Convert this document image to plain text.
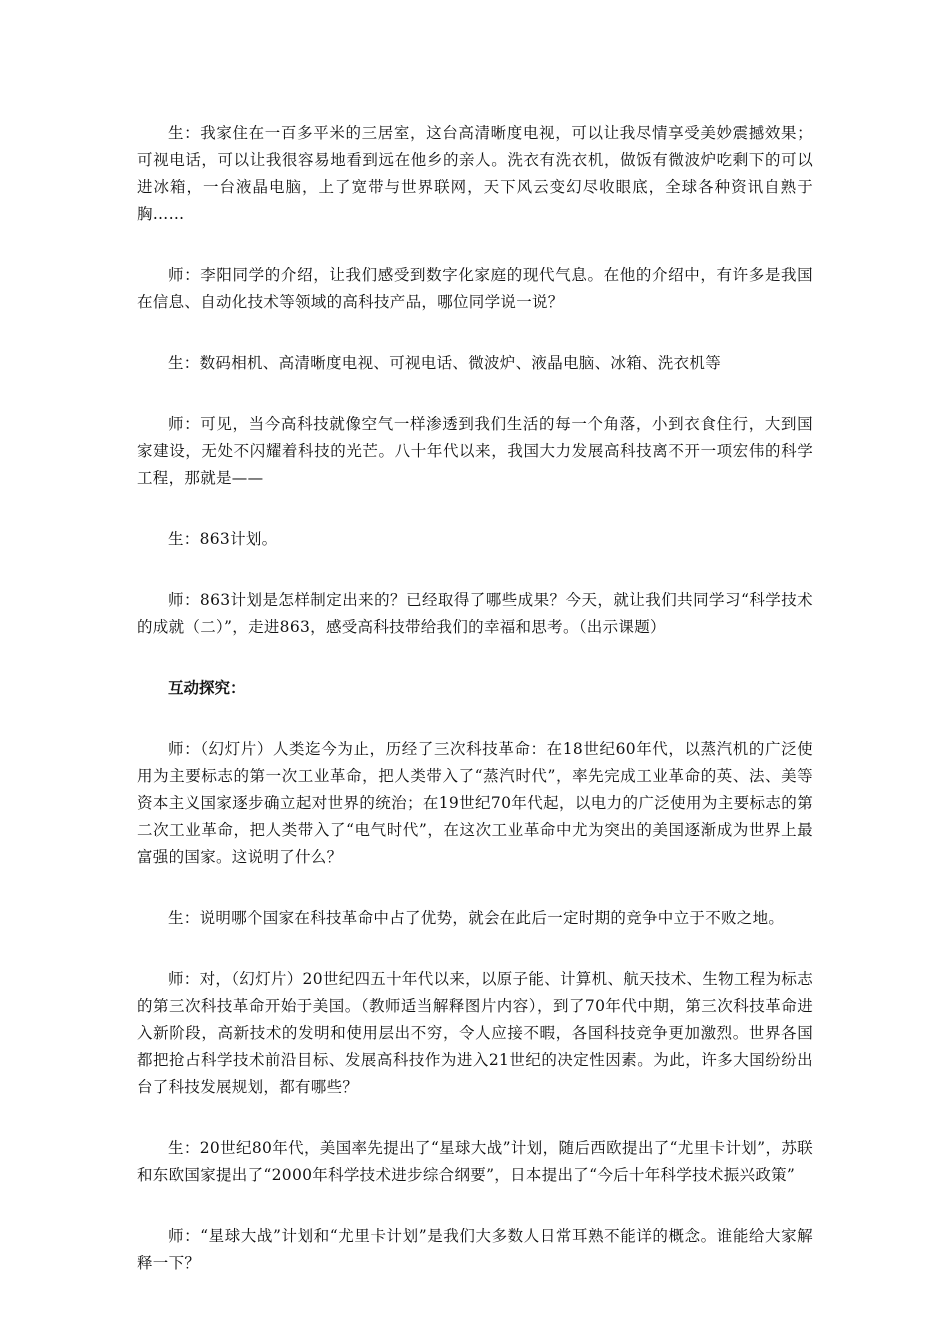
生：我家住在一百多平米的三居室，这台高清晰度电视，可以让我尽情享受美妙震撼效果；可视电话，可以让我很容易地看到远在他乡的亲人。洗衣有洗衣机，做饭有微波炉吃剩下的可以进冰箱，一台液晶电脑，上了宽带与世界联网，天下风云变幻尽收眼底，全球各种资讯自熟于胸……

师：李阳同学的介绍，让我们感受到数字化家庭的现代气息。在他的介绍中，有许多是我国在信息、自动化技术等领域的高科技产品，哪位同学说一说？

生：数码相机、高清晰度电视、可视电话、微波炉、液晶电脑、冰箱、洗衣机等

师：可见，当今高科技就像空气一样渗透到我们生活的每一个角落，小到衣食住行，大到国家建设，无处不闪耀着科技的光芒。八十年代以来，我国大力发展高科技离不开一项宏伟的科学工程，那就是——

生：863计划。

师：863计划是怎样制定出来的？已经取得了哪些成果？今天，就让我们共同学习“科学技术的成就（二）”，走进863，感受高科技带给我们的幸福和思考。（出示课题）

互动探究：

师：（幻灯片）人类迄今为止，历经了三次科技革命：在18世纪60年代，以蒸汽机的广泛使用为主要标志的第一次工业革命，把人类带入了“蒸汽时代”，率先完成工业革命的英、法、美等资本主义国家逐步确立起对世界的统治；在19世纪70年代起，以电力的广泛使用为主要标志的第二次工业革命，把人类带入了“电气时代”，在这次工业革命中尤为突出的美国逐渐成为世界上最富强的国家。这说明了什么？

生：说明哪个国家在科技革命中占了优势，就会在此后一定时期的竞争中立于不败之地。

师：对，（幻灯片）20世纪四五十年代以来，以原子能、计算机、航天技术、生物工程为标志的第三次科技革命开始于美国。（教师适当解释图片内容），到了70年代中期，第三次科技革命进入新阶段，高新技术的发明和使用层出不穷，令人应接不暇，各国科技竞争更加激烈。世界各国都把抢占科学技术前沿目标、发展高科技作为进入21世纪的决定性因素。为此，许多大国纷纷出台了科技发展规划，都有哪些？

生：20世纪80年代，美国率先提出了“星球大战”计划，随后西欧提出了“尤里卡计划”，苏联和东欧国家提出了“2000年科学技术进步综合纲要”，日本提出了“今后十年科学技术振兴政策”

师：“星球大战”计划和“尤里卡计划”是我们大多数人日常耳熟不能详的概念。谁能给大家解释一下？
